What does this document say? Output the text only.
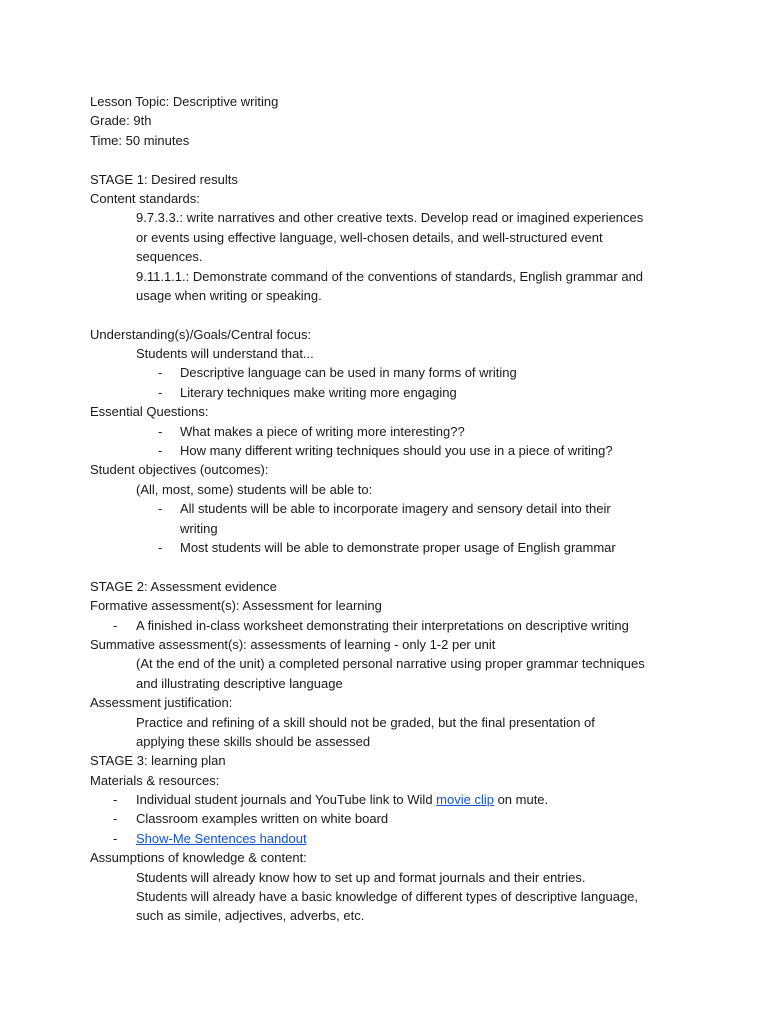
Lesson Topic: Descriptive writing
Grade: 9th
Time: 50 minutes
STAGE 1: Desired results
Content standards:
9.7.3.3.: write narratives and other creative texts. Develop read or imagined experiences
or events using effective language, well-chosen details, and well-structured event
sequences.
9.11.1.1.: Demonstrate command of the conventions of standards, English grammar and
usage when writing or speaking.
Understanding(s)/Goals/Central focus:
Students will understand that...
- Descriptive language can be used in many forms of writing
- Literary techniques make writing more engaging
Essential Questions:
- What makes a piece of writing more interesting??
- How many different writing techniques should you use in a piece of writing?
Student objectives (outcomes):
(All, most, some) students will be able to:
- All students will be able to incorporate imagery and sensory detail into their
writing
- Most students will be able to demonstrate proper usage of English grammar
STAGE 2: Assessment evidence
Formative assessment(s): Assessment for learning
- A finished in-class worksheet demonstrating their interpretations on descriptive writing
Summative assessment(s): assessments of learning - only 1-2 per unit
(At the end of the unit) a completed personal narrative using proper grammar techniques
and illustrating descriptive language
Assessment justification:
Practice and refining of a skill should not be graded, but the final presentation of
applying these skills should be assessed
STAGE 3: learning plan
Materials & resources:
- Individual student journals and YouTube link to Wild movie clip on mute.
- Classroom examples written on white board
- Show-Me Sentences handout
Assumptions of knowledge & content:
Students will already know how to set up and format journals and their entries.
Students will already have a basic knowledge of different types of descriptive language,
such as simile, adjectives, adverbs, etc.
